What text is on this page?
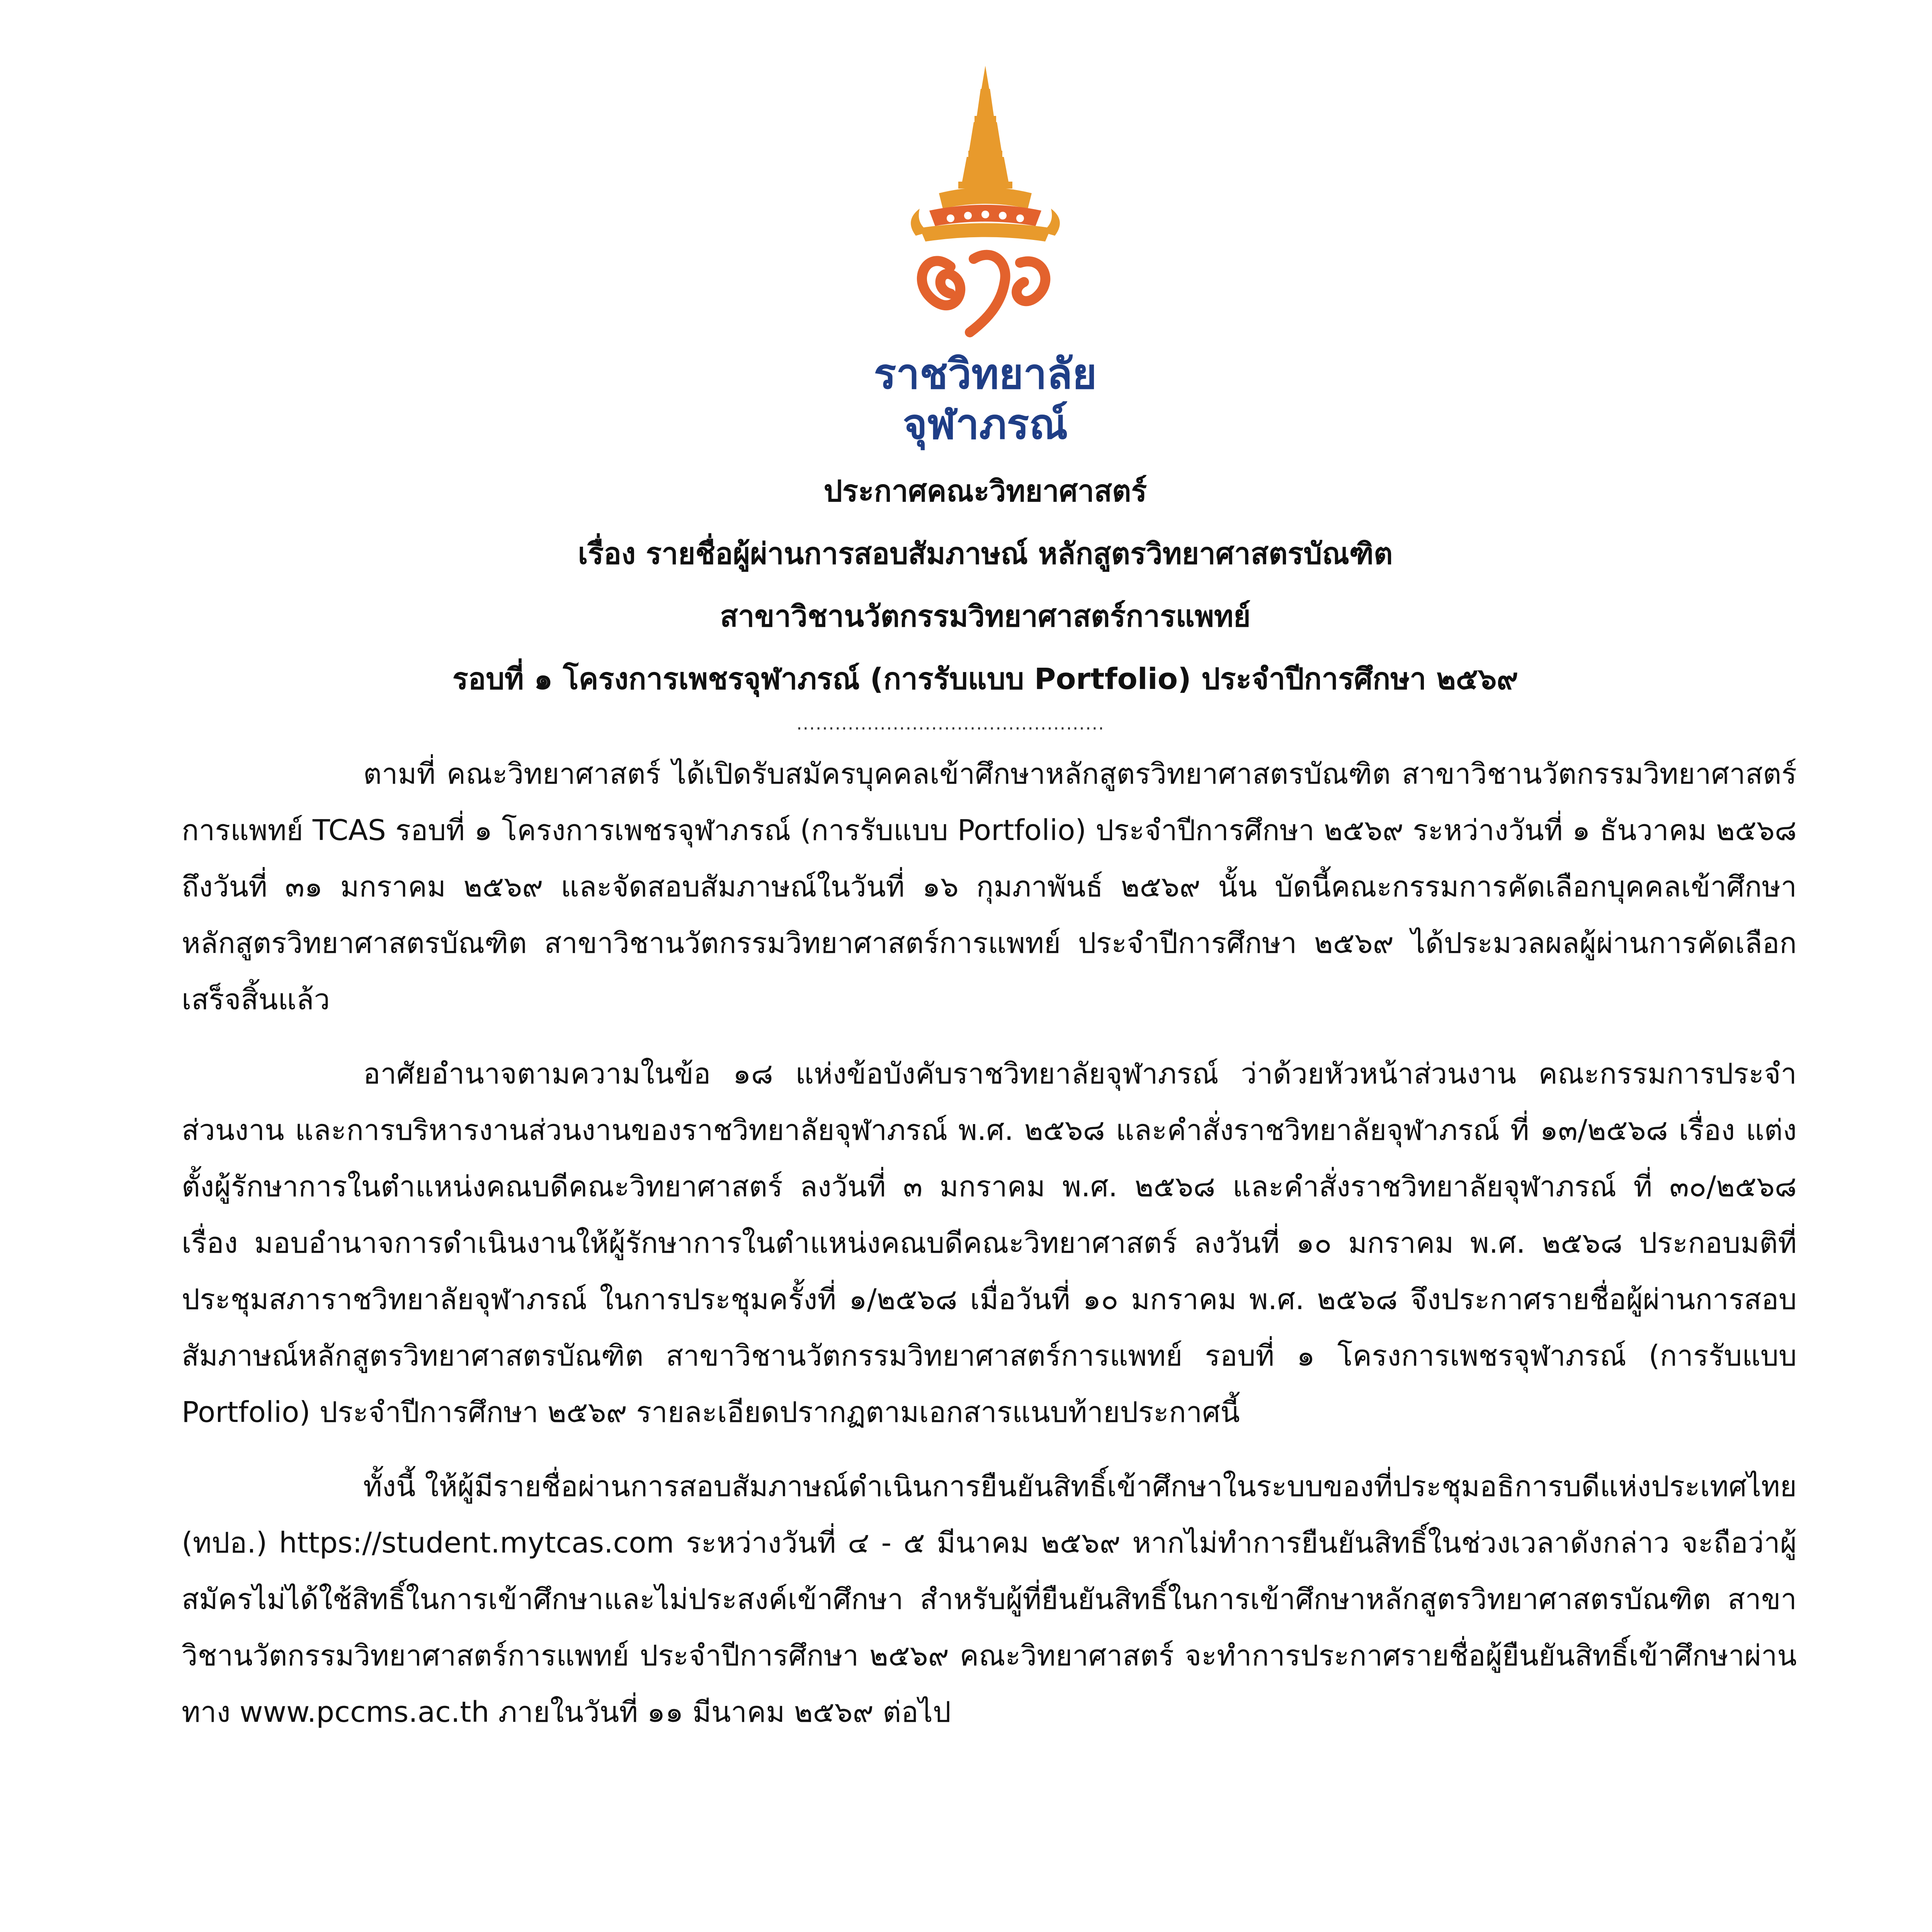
ราชวิทยาลัย
จุฬาภรณ์
ประกาศคณะวิทยาศาสตร์
เรื่อง รายชื่อผู้ผ่านการสอบสัมภาษณ์ หลักสูตรวิทยาศาสตรบัณฑิต
สาขาวิชานวัตกรรมวิทยาศาสตร์การแพทย์
รอบที่ ๑ โครงการเพชรจุฬาภรณ์ (การรับแบบ Portfolio) ประจำปีการศึกษา ๒๕๖๙
................................................

ตามที่ คณะวิทยาศาสตร์ ได้เปิดรับสมัครบุคคลเข้าศึกษาหลักสูตรวิทยาศาสตรบัณฑิต สาขาวิชานวัตกรรมวิทยาศาสตร์การแพทย์ TCAS รอบที่ ๑ โครงการเพชรจุฬาภรณ์ (การรับแบบ Portfolio) ประจำปีการศึกษา ๒๕๖๙ ระหว่างวันที่ ๑ ธันวาคม ๒๕๖๘ ถึงวันที่ ๓๑ มกราคม ๒๕๖๙ และจัดสอบสัมภาษณ์ในวันที่ ๑๖ กุมภาพันธ์ ๒๕๖๙ นั้น บัดนี้คณะกรรมการคัดเลือกบุคคลเข้าศึกษา หลักสูตรวิทยาศาสตรบัณฑิต สาขาวิชานวัตกรรมวิทยาศาสตร์การแพทย์ ประจำปีการศึกษา ๒๕๖๙ ได้ประมวลผลผู้ผ่านการคัดเลือกเสร็จสิ้นแล้ว

อาศัยอำนาจตามความในข้อ ๑๘ แห่งข้อบังคับราชวิทยาลัยจุฬาภรณ์ ว่าด้วยหัวหน้าส่วนงาน คณะกรรมการประจำส่วนงาน และการบริหารงานส่วนงานของราชวิทยาลัยจุฬาภรณ์ พ.ศ. ๒๕๖๘ และคำสั่งราชวิทยาลัยจุฬาภรณ์ ที่ ๑๓/๒๕๖๘ เรื่อง แต่งตั้งผู้รักษาการในตำแหน่งคณบดีคณะวิทยาศาสตร์ ลงวันที่ ๓ มกราคม พ.ศ. ๒๕๖๘ และคำสั่งราชวิทยาลัยจุฬาภรณ์ ที่ ๓๐/๒๕๖๘ เรื่อง มอบอำนาจการดำเนินงานให้ผู้รักษาการในตำแหน่งคณบดีคณะวิทยาศาสตร์ ลงวันที่ ๑๐ มกราคม พ.ศ. ๒๕๖๘ ประกอบมติที่ประชุมสภาราชวิทยาลัยจุฬาภรณ์ ในการประชุมครั้งที่ ๑/๒๕๖๘ เมื่อวันที่ ๑๐ มกราคม พ.ศ. ๒๕๖๘ จึงประกาศรายชื่อผู้ผ่านการสอบสัมภาษณ์หลักสูตรวิทยาศาสตรบัณฑิต สาขาวิชานวัตกรรมวิทยาศาสตร์การแพทย์ รอบที่ ๑ โครงการเพชรจุฬาภรณ์ (การรับแบบ Portfolio) ประจำปีการศึกษา ๒๕๖๙ รายละเอียดปรากฏตามเอกสารแนบท้ายประกาศนี้

ทั้งนี้ ให้ผู้มีรายชื่อผ่านการสอบสัมภาษณ์ดำเนินการยืนยันสิทธิ์เข้าศึกษาในระบบของที่ประชุมอธิการบดีแห่งประเทศไทย (ทปอ.) https://student.mytcas.com ระหว่างวันที่ ๔ - ๕ มีนาคม ๒๕๖๙ หากไม่ทำการยืนยันสิทธิ์ในช่วงเวลาดังกล่าว จะถือว่าผู้สมัครไม่ได้ใช้สิทธิ์ในการเข้าศึกษาและไม่ประสงค์เข้าศึกษา สำหรับผู้ที่ยืนยันสิทธิ์ในการเข้าศึกษาหลักสูตรวิทยาศาสตรบัณฑิต สาขาวิชานวัตกรรมวิทยาศาสตร์การแพทย์ ประจำปีการศึกษา ๒๕๖๙ คณะวิทยาศาสตร์ จะทำการประกาศรายชื่อผู้ยืนยันสิทธิ์เข้าศึกษาผ่านทาง www.pccms.ac.th ภายในวันที่ ๑๑ มีนาคม ๒๕๖๙ ต่อไป
